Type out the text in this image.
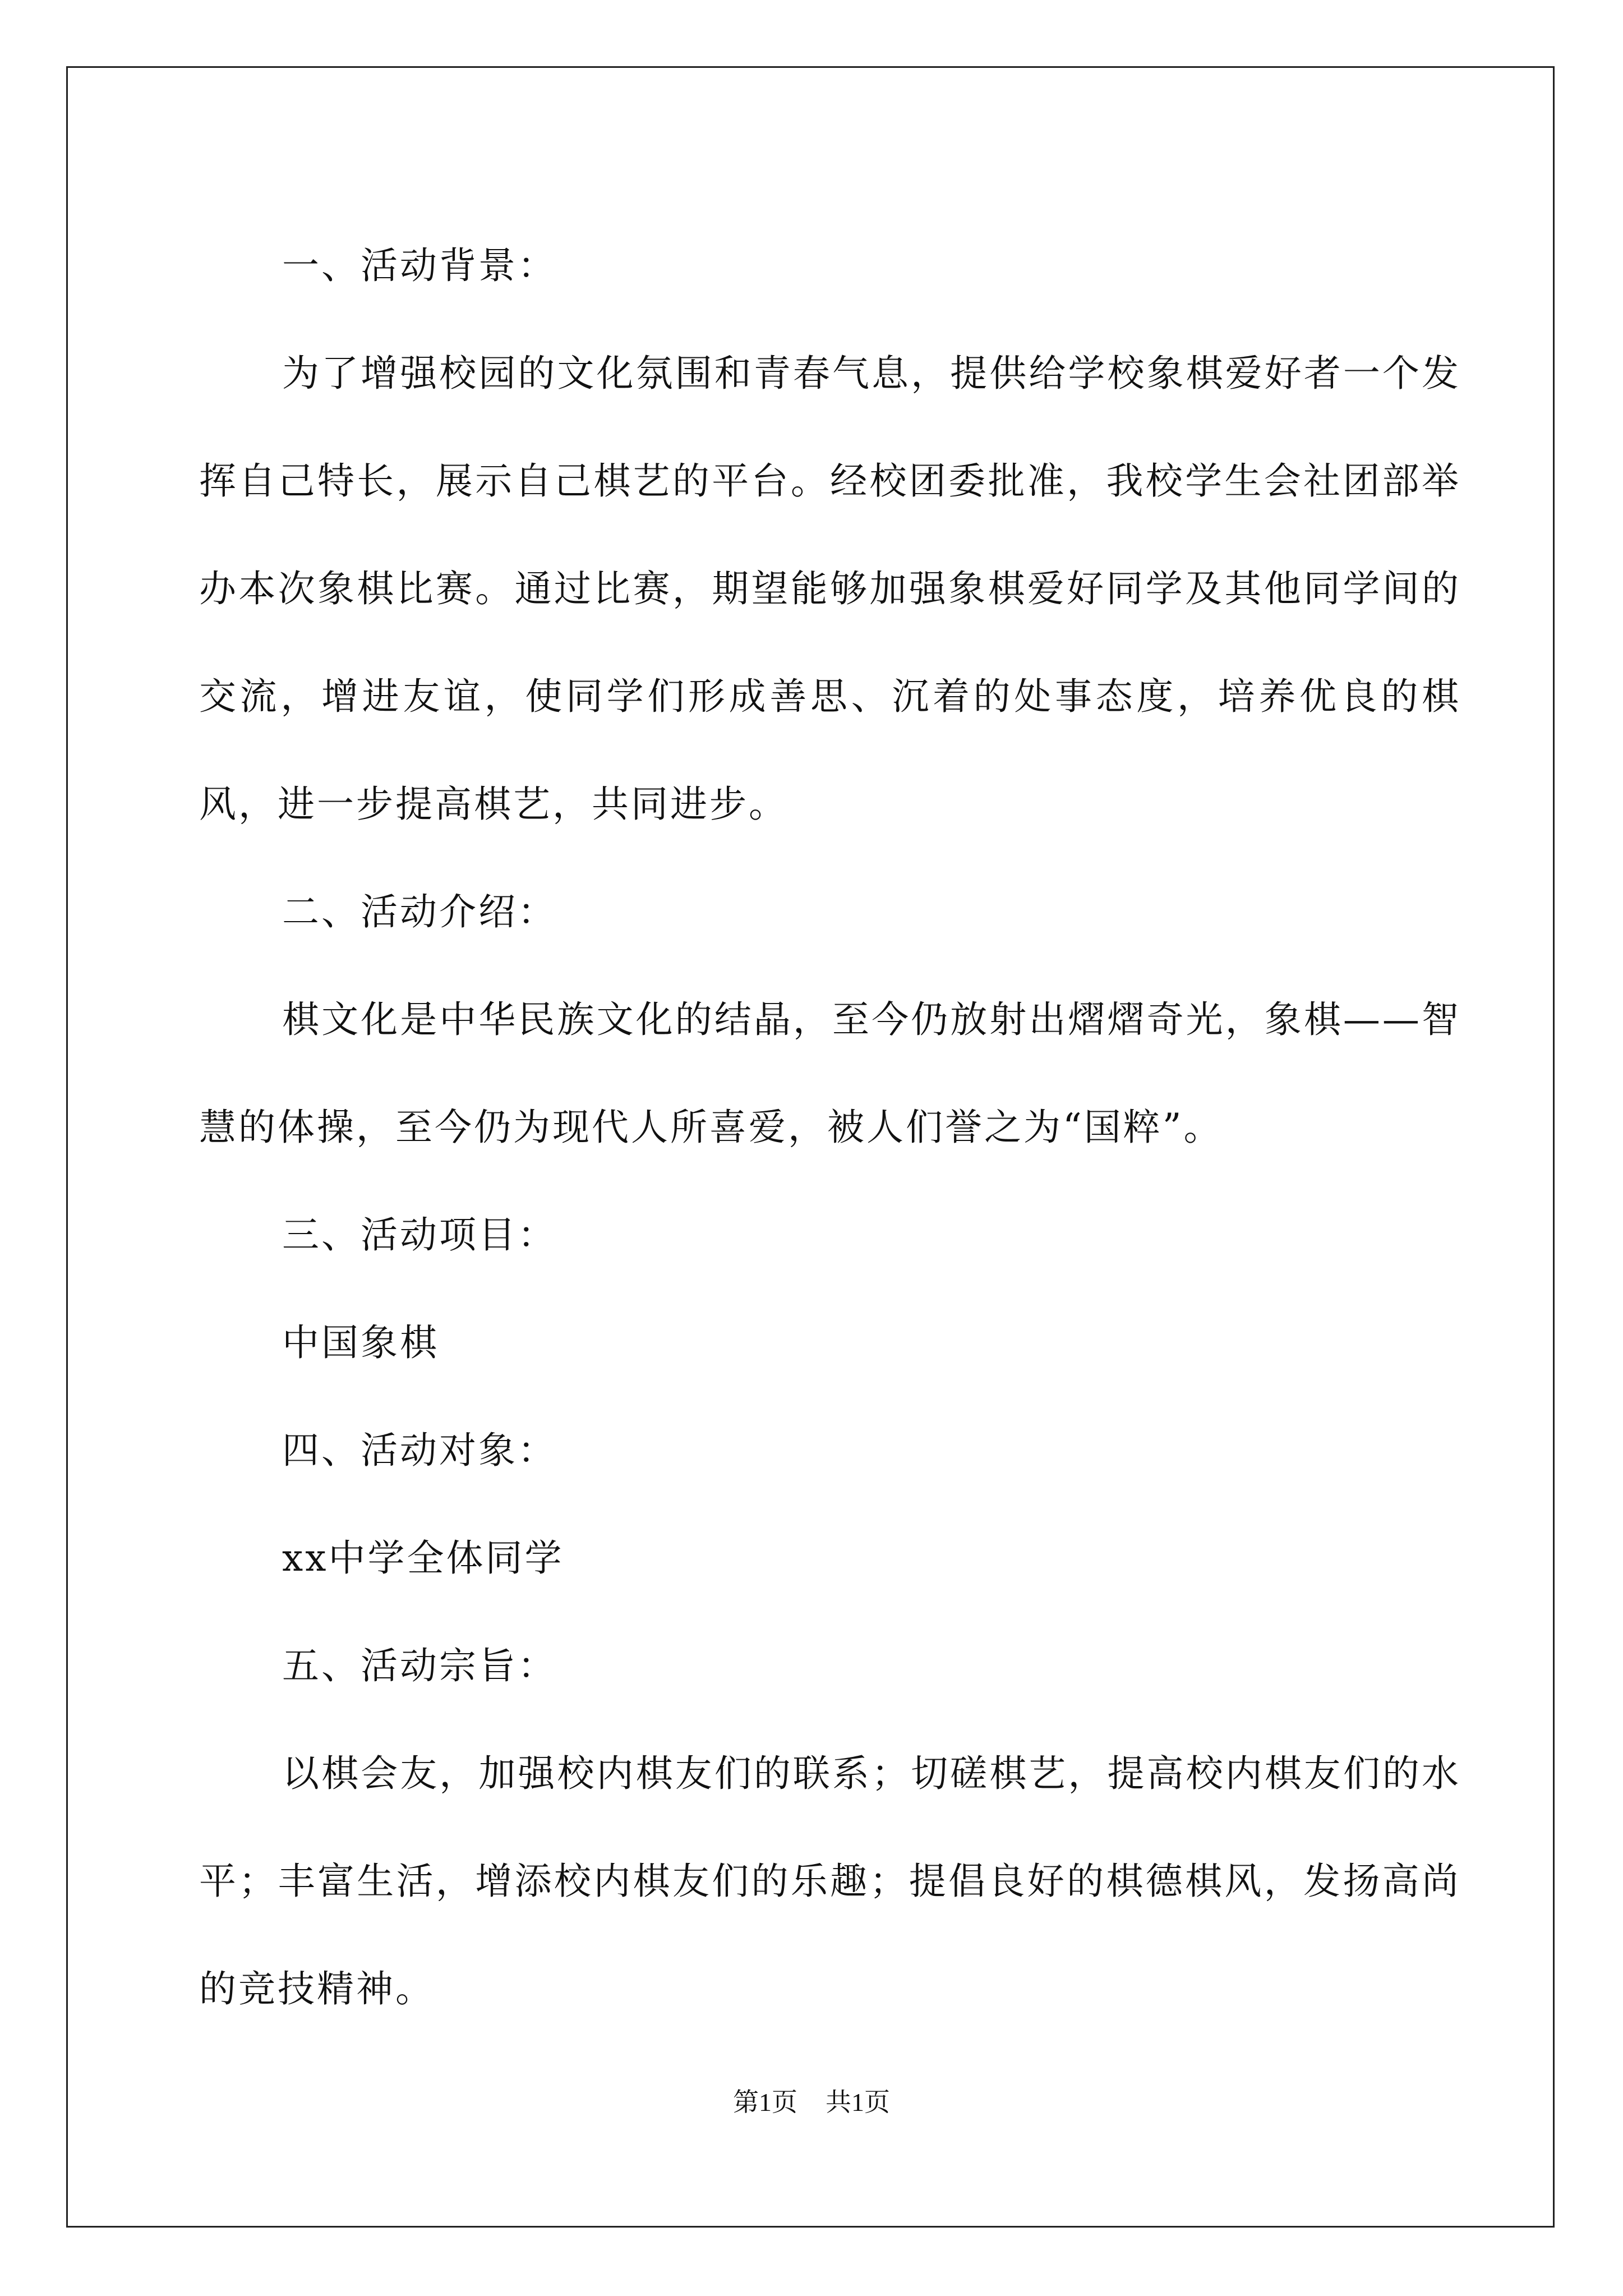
一、活动背景：

为了增强校园的文化氛围和青春气息，提供给学校象棋爱好者一个发挥自己特长，展示自己棋艺的平台。经校团委批准，我校学生会社团部举办本次象棋比赛。通过比赛，期望能够加强象棋爱好同学及其他同学间的交流，增进友谊，使同学们形成善思、沉着的处事态度，培养优良的棋风，进一步提高棋艺，共同进步。

二、活动介绍：

棋文化是中华民族文化的结晶，至今仍放射出熠熠奇光，象棋——智慧的体操，至今仍为现代人所喜爱，被人们誉之为“国粹”。

三、活动项目：

中国象棋

四、活动对象：

xx中学全体同学

五、活动宗旨：

以棋会友，加强校内棋友们的联系；切磋棋艺，提高校内棋友们的水平；丰富生活，增添校内棋友们的乐趣；提倡良好的棋德棋风，发扬高尚的竞技精神。

第1页 共1页
